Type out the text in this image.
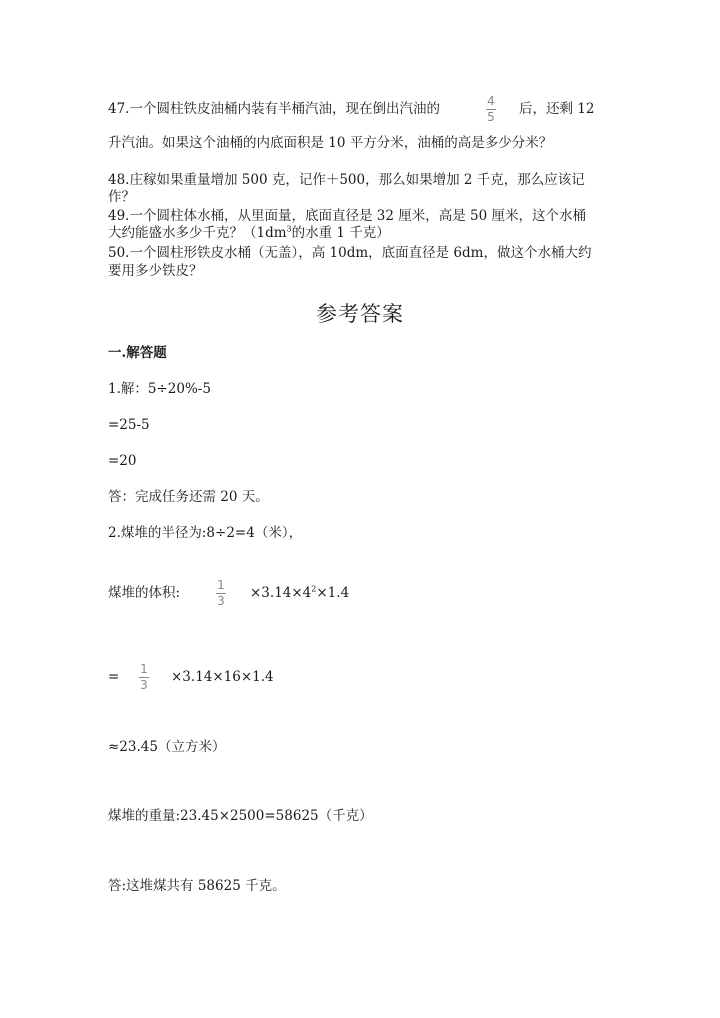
47.一个圆柱铁皮油桶内装有半桶汽油，现在倒出汽油的	4
5 后，还剩 12
升汽油。如果这个油桶的内底面积是 10 平方分米，油桶的高是多少分米？
48.庄稼如果重量增加 500 克，记作＋500，那么如果增加 2 千克，那么应该记
作？
49.一个圆柱体水桶，从里面量，底面直径是 32 厘米，高是 50 厘米，这个水桶
大约能盛水多少千克？（$1dm^3$的水重 1 千克）
50.一个圆柱形铁皮水桶（无盖），高 10dm，底面直径是 6dm，做这个水桶大约
要用多少铁皮？
参考答案
一.解答题
1.解：5÷20%-5
=25-5
=20
答：完成任务还需 20 天。
2.煤堆的半径为:8÷2=4（米），
煤堆的体积:	1
$3 \times 3.14\times 4^2\times 1.4$
= 1
3 ×3.14×16×1.4
≈23.45（立方米）
煤堆的重量:23.45×2500=58625（千克）
答:这堆煤共有 58625 千克。
